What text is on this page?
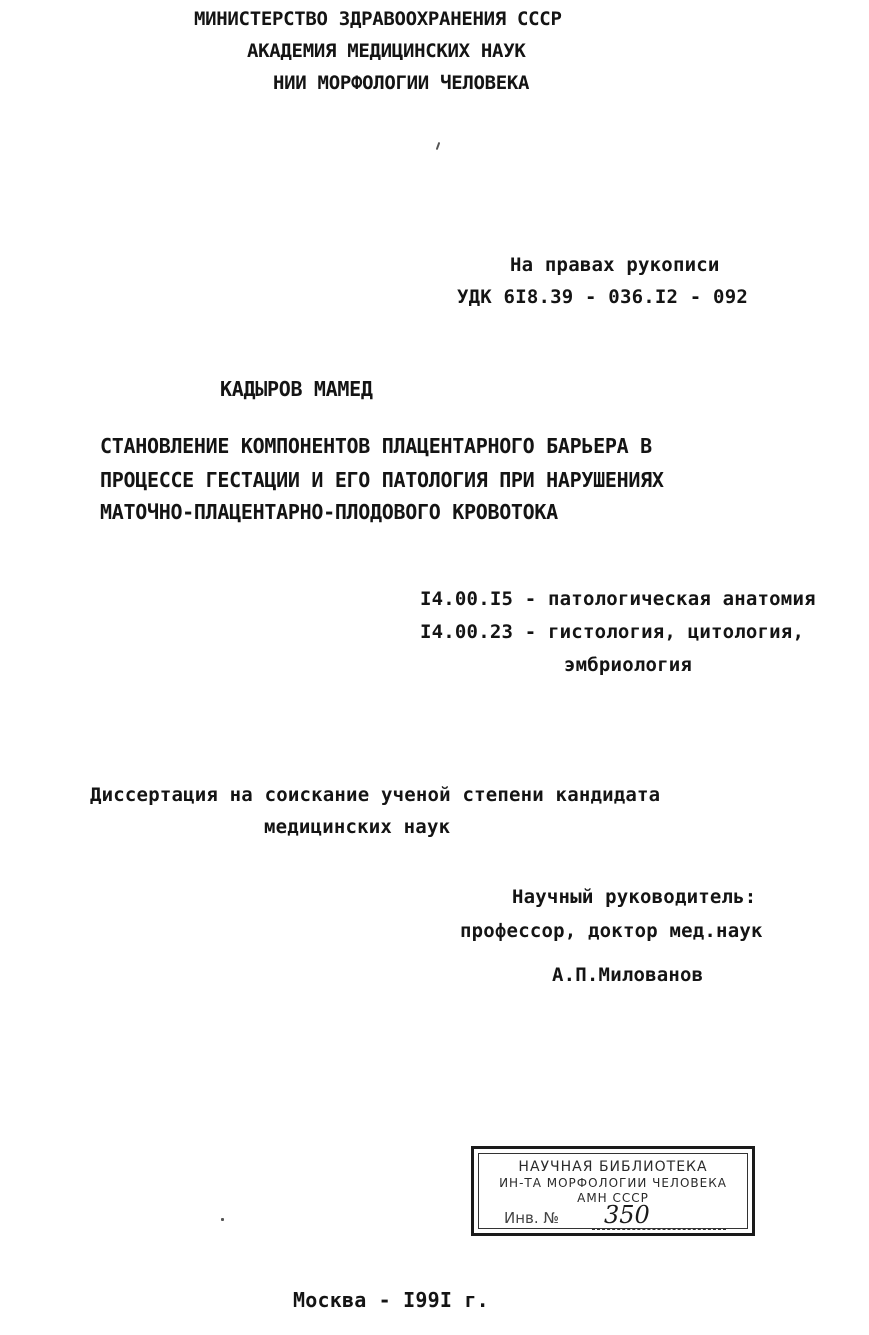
МИНИСТЕРСТВО ЗДРАВООХРАНЕНИЯ СССР

АКАДЕМИЯ МЕДИЦИНСКИХ НАУК

НИИ МОРФОЛОГИИ ЧЕЛОВЕКА

На правах рукописи

УДК 6I8.39 - 036.I2 - 092

КАДЫРОВ МАМЕД

СТАНОВЛЕНИЕ КОМПОНЕНТОВ ПЛАЦЕНТАРНОГО БАРЬЕРА В

ПРОЦЕССЕ ГЕСТАЦИИ И ЕГО ПАТОЛОГИЯ ПРИ НАРУШЕНИЯХ

МАТОЧНО-ПЛАЦЕНТАРНО-ПЛОДОВОГО КРОВОТОКА

I4.00.I5 - патологическая анатомия

I4.00.23 - гистология, цитология,

эмбриология

Диссертация на соискание ученой степени кандидата

медицинских наук

Научный руководитель:

профессор, доктор мед.наук

А.П.Милованов

НАУЧНАЯ БИБЛИОТЕКА
ИН-ТА МОРФОЛОГИИ ЧЕЛОВЕКА
АМН СССР
Инв. № 350

Москва - I99I г.
